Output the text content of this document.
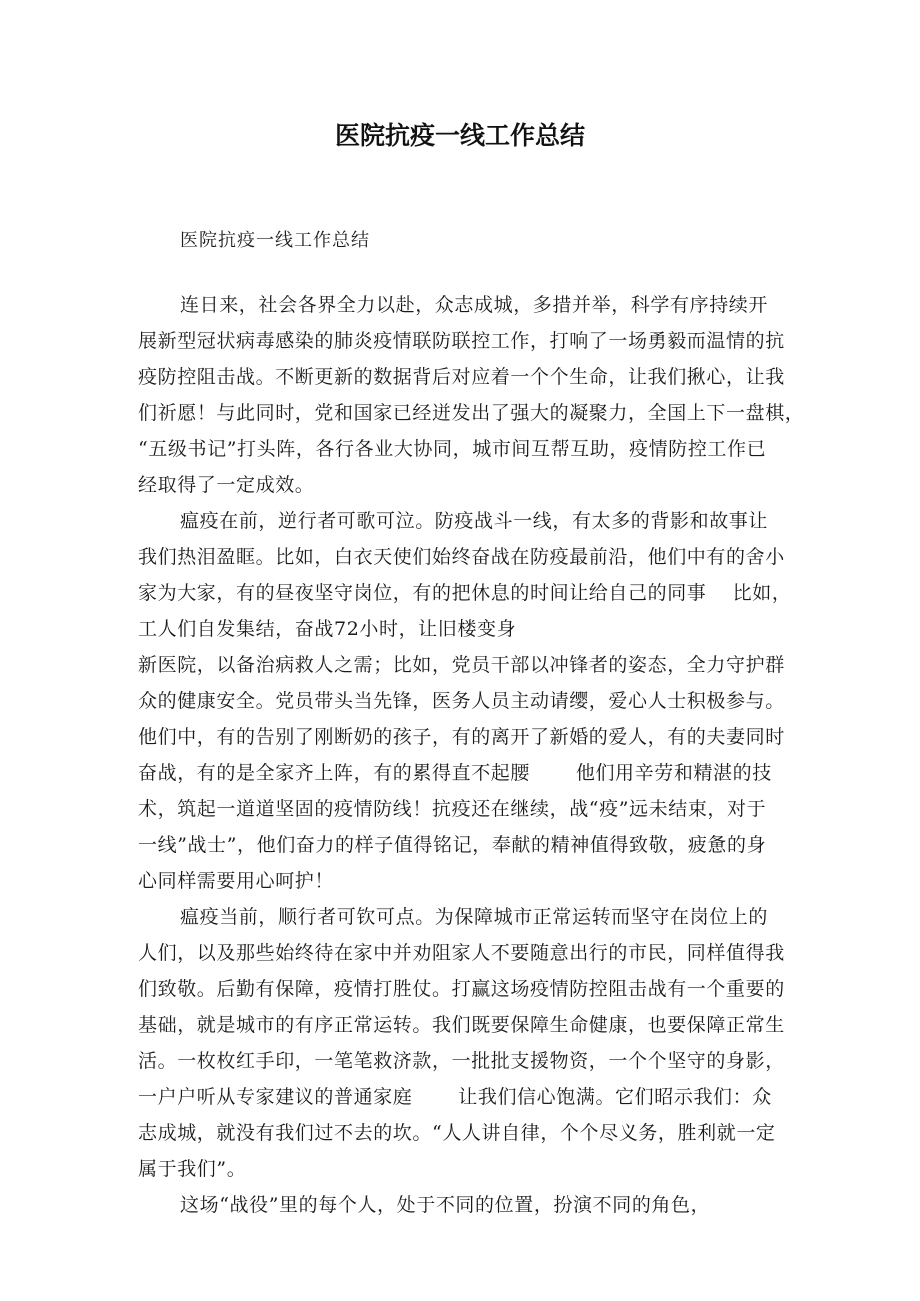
医院抗疫一线工作总结
医院抗疫一线工作总结
连日来，社会各界全力以赴，众志成城，多措并举，科学有序持续开
展新型冠状病毒感染的肺炎疫情联防联控工作，打响了一场勇毅而温情的抗
疫防控阻击战。不断更新的数据背后对应着一个个生命，让我们揪心，让我
们祈愿！与此同时，党和国家已经迸发出了强大的凝聚力，全国上下一盘棋，
“五级书记”打头阵，各行各业大协同，城市间互帮互助，疫情防控工作已
经取得了一定成效。
瘟疫在前，逆行者可歌可泣。防疫战斗一线，有太多的背影和故事让
我们热泪盈眶。比如，白衣天使们始终奋战在防疫最前沿，他们中有的舍小
家为大家，有的昼夜坚守岗位，有的把休息的时间让给自己的同事　 比如，
工人们自发集结，奋战72小时，让旧楼变身
新医院，以备治病救人之需；比如，党员干部以冲锋者的姿态，全力守护群
众的健康安全。党员带头当先锋，医务人员主动请缨，爱心人士积极参与。
他们中，有的告别了刚断奶的孩子，有的离开了新婚的爱人，有的夫妻同时
奋战，有的是全家齐上阵，有的累得直不起腰　　 他们用辛劳和精湛的技
术，筑起一道道坚固的疫情防线！抗疫还在继续，战“疫”远未结束，对于
一线”战士”，他们奋力的样子值得铭记，奉献的精神值得致敬，疲惫的身
心同样需要用心呵护！
瘟疫当前，顺行者可钦可点。为保障城市正常运转而坚守在岗位上的
人们，以及那些始终待在家中并劝阻家人不要随意出行的市民，同样值得我
们致敬。后勤有保障，疫情打胜仗。打赢这场疫情防控阻击战有一个重要的
基础，就是城市的有序正常运转。我们既要保障生命健康，也要保障正常生
活。一枚枚红手印，一笔笔救济款，一批批支援物资，一个个坚守的身影，
一户户听从专家建议的普通家庭　　 让我们信心饱满。它们昭示我们：众
志成城，就没有我们过不去的坎。“人人讲自律，个个尽义务，胜利就一定
属于我们”。
这场“战役”里的每个人，处于不同的位置，扮演不同的角色，
